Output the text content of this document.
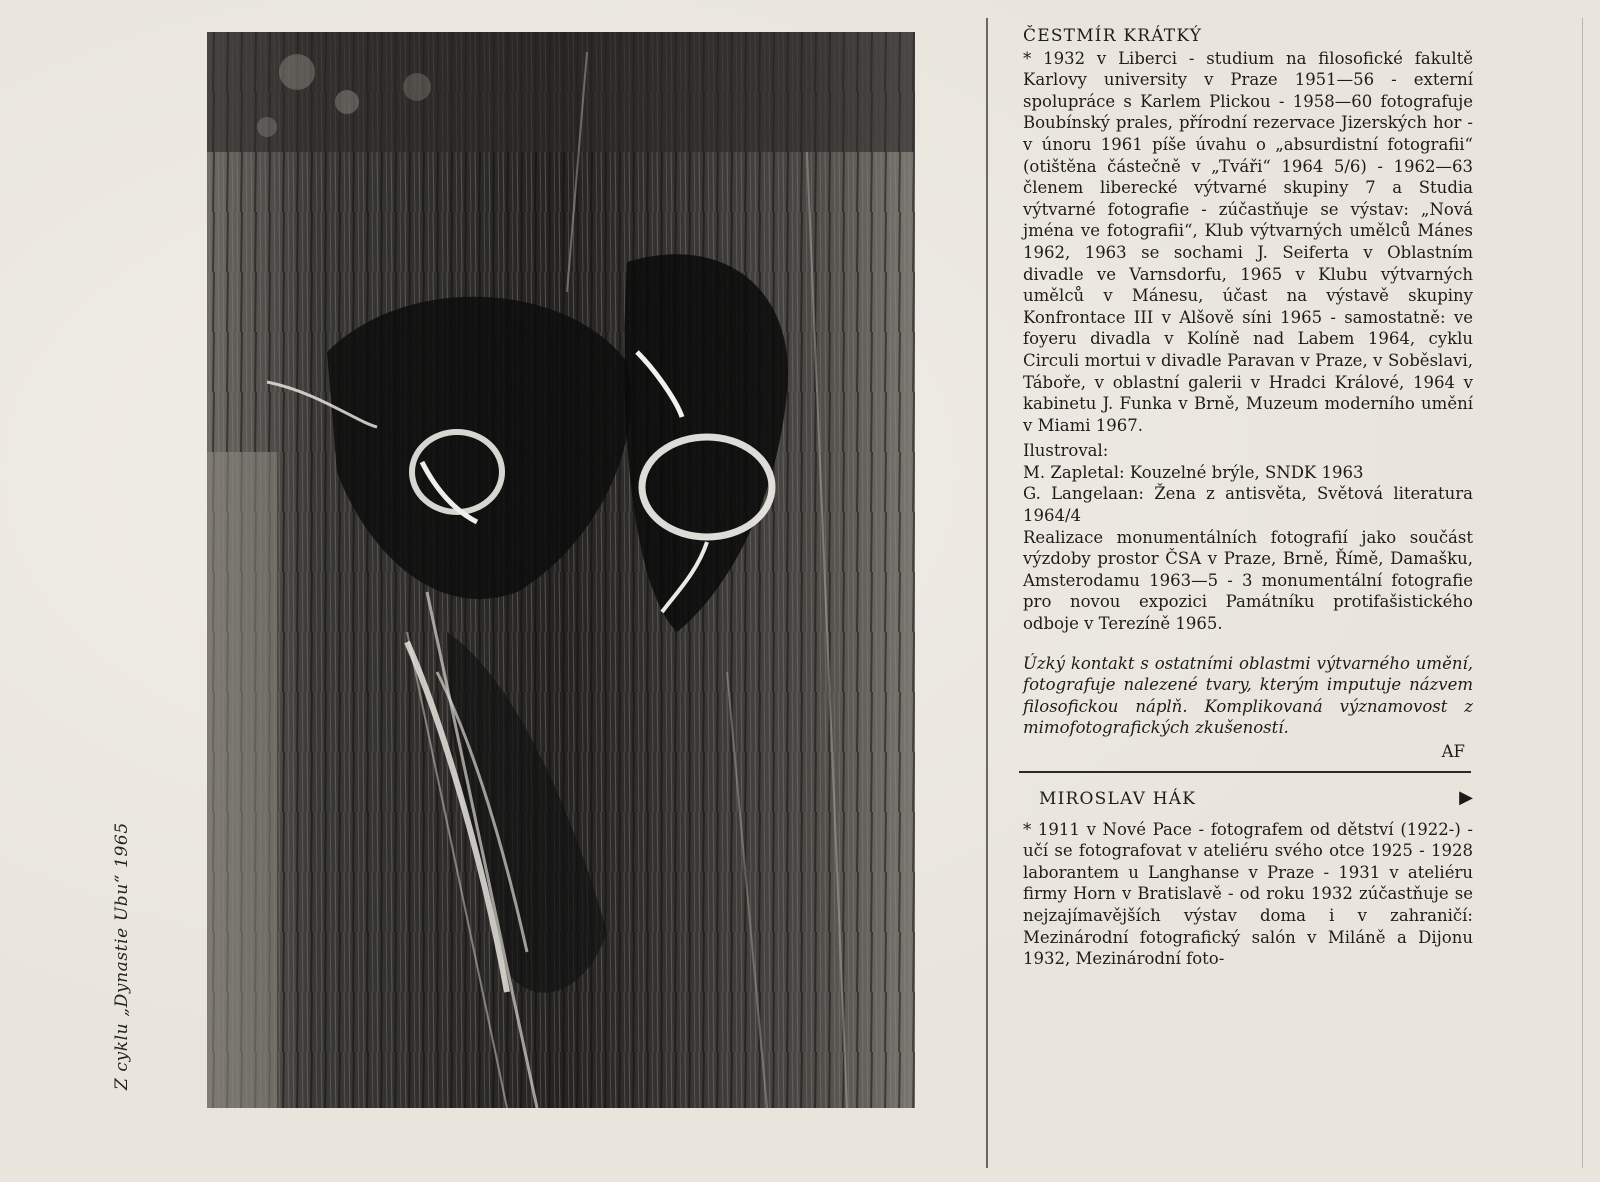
Z cyklu „Dynastie Ubu“ 1965

ČESTMÍR KRÁTKÝ

* 1932 v Liberci - studium na filosofické fakultě Karlovy university v Praze 1951—56 - externí spolupráce s Karlem Plickou - 1958—60 fotografuje Boubínský prales, přírodní rezervace Jizerských hor - v únoru 1961 píše úvahu o „absurdistní fotografii“ (otištěna částečně v „Tváři“ 1964 5/6) - 1962—63 členem liberecké výtvarné skupiny 7 a Studia výtvarné fotografie - zúčastňuje se výstav: „Nová jména ve fotografii“, Klub výtvarných umělců Mánes 1962, 1963 se sochami J. Seiferta v Oblastním divadle ve Varnsdorfu, 1965 v Klubu výtvarných umělců v Mánesu, účast na výstavě skupiny Konfrontace III v Alšově síni 1965 - samostatně: ve foyeru divadla v Kolíně nad Labem 1964, cyklu Circuli mortui v divadle Paravan v Praze, v Soběslavi, Táboře, v oblastní galerii v Hradci Králové, 1964 v kabinetu J. Funka v Brně, Muzeum moderního umění v Miami 1967.

Ilustroval:

M. Zapletal: Kouzelné brýle, SNDK 1963

G. Langelaan: Žena z antisvěta, Světová literatura 1964/4

Realizace monumentálních fotografií jako součást výzdoby prostor ČSA v Praze, Brně, Římě, Damašku, Amsterodamu 1963—5 - 3 monumentální fotografie pro novou expozici Památníku protifašistického odboje v Terezíně 1965.

Úzký kontakt s ostatními oblastmi výtvarného umění, fotografuje nalezené tvary, kterým imputuje názvem filosofickou náplň. Komplikovaná významovost z mimofotografických zkušeností.

AF

MIROSLAV HÁK	▶

* 1911 v Nové Pace - fotografem od dětství (1922-) - učí se fotografovat v ateliéru svého otce 1925 - 1928 laborantem u Langhanse v Praze - 1931 v ateliéru firmy Horn v Bratislavě - od roku 1932 zúčastňuje se nejzajímavějších výstav doma i v zahraničí: Mezinárodní fotografický salón v Miláně a Dijonu 1932, Mezinárodní foto-
